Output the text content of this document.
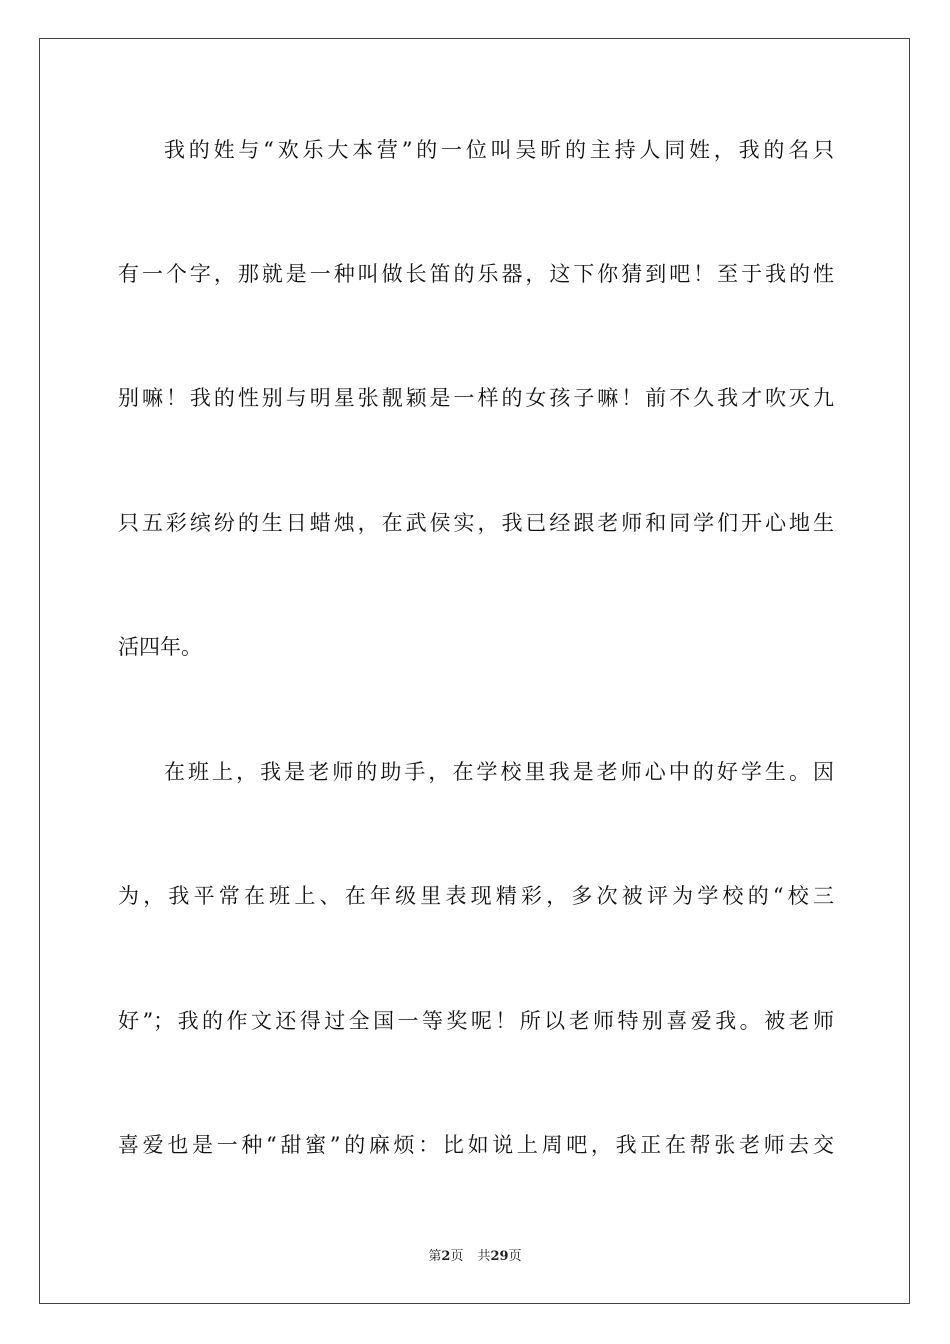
我的姓与“欢乐大本营”的一位叫吴昕的主持人同姓，我的名只
有一个字，那就是一种叫做长笛的乐器，这下你猜到吧！至于我的性
别嘛！我的性别与明星张靓颖是一样的女孩子嘛！前不久我才吹灭九
只五彩缤纷的生日蜡烛，在武侯实，我已经跟老师和同学们开心地生
活四年。
在班上，我是老师的助手，在学校里我是老师心中的好学生。因
为，我平常在班上、在年级里表现精彩，多次被评为学校的“校三
好”；我的作文还得过全国一等奖呢！所以老师特别喜爱我。被老师
喜爱也是一种“甜蜜”的麻烦：比如说上周吧，我正在帮张老师去交
第2页 共29页
